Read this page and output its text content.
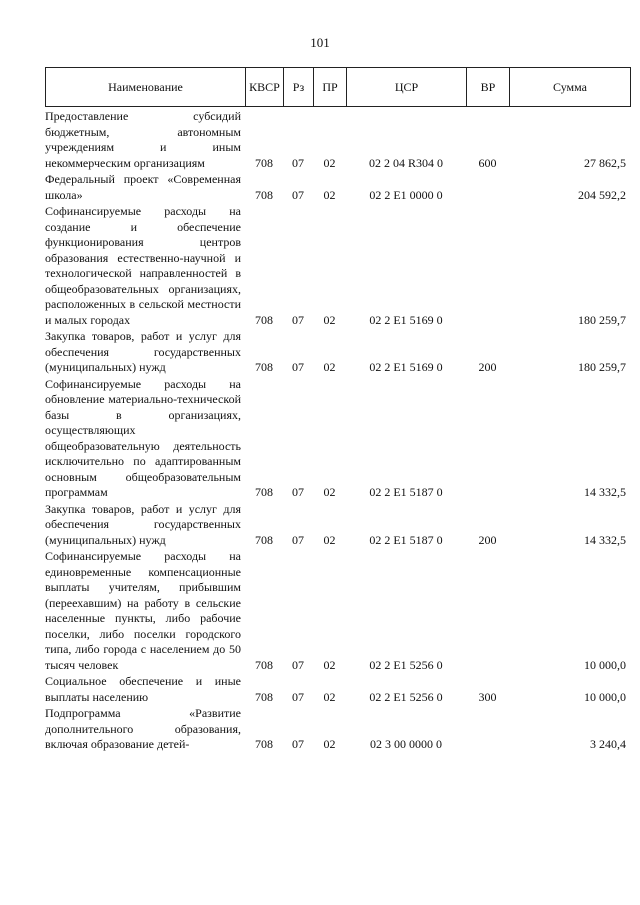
101
Наименование	КВСР	Рз	ПР	ЦСР	ВР	Сумма
Предоставление субсидий бюджетным, автономным учреждениям и иным некоммерческим организациям	708	07	02	02 2 04 R304 0	600	27 862,5
Федеральный проект «Современная школа»	708	07	02	02 2 E1 0000 0		204 592,2
Софинансируемые расходы на создание и обеспечение функционирования центров образования естественно-научной и технологической направленностей в общеобразовательных организациях, расположенных в сельской местности и малых городах	708	07	02	02 2 E1 5169 0		180 259,7
Закупка товаров, работ и услуг для обеспечения государственных (муниципальных) нужд	708	07	02	02 2 E1 5169 0	200	180 259,7
Софинансируемые расходы на обновление материально-технической базы в организациях, осуществляющих общеобразовательную деятельность исключительно по адаптированным основным общеобразовательным программам	708	07	02	02 2 E1 5187 0		14 332,5
Закупка товаров, работ и услуг для обеспечения государственных (муниципальных) нужд	708	07	02	02 2 E1 5187 0	200	14 332,5
Софинансируемые расходы на единовременные компенсационные выплаты учителям, прибывшим (переехавшим) на работу в сельские населенные пункты, либо рабочие поселки, либо поселки городского типа, либо города с населением до 50 тысяч человек	708	07	02	02 2 E1 5256 0		10 000,0
Социальное обеспечение и иные выплаты населению	708	07	02	02 2 E1 5256 0	300	10 000,0
Подпрограмма «Развитие дополнительного образования, включая образование детей-	708	07	02	02 3 00 0000 0		3 240,4
